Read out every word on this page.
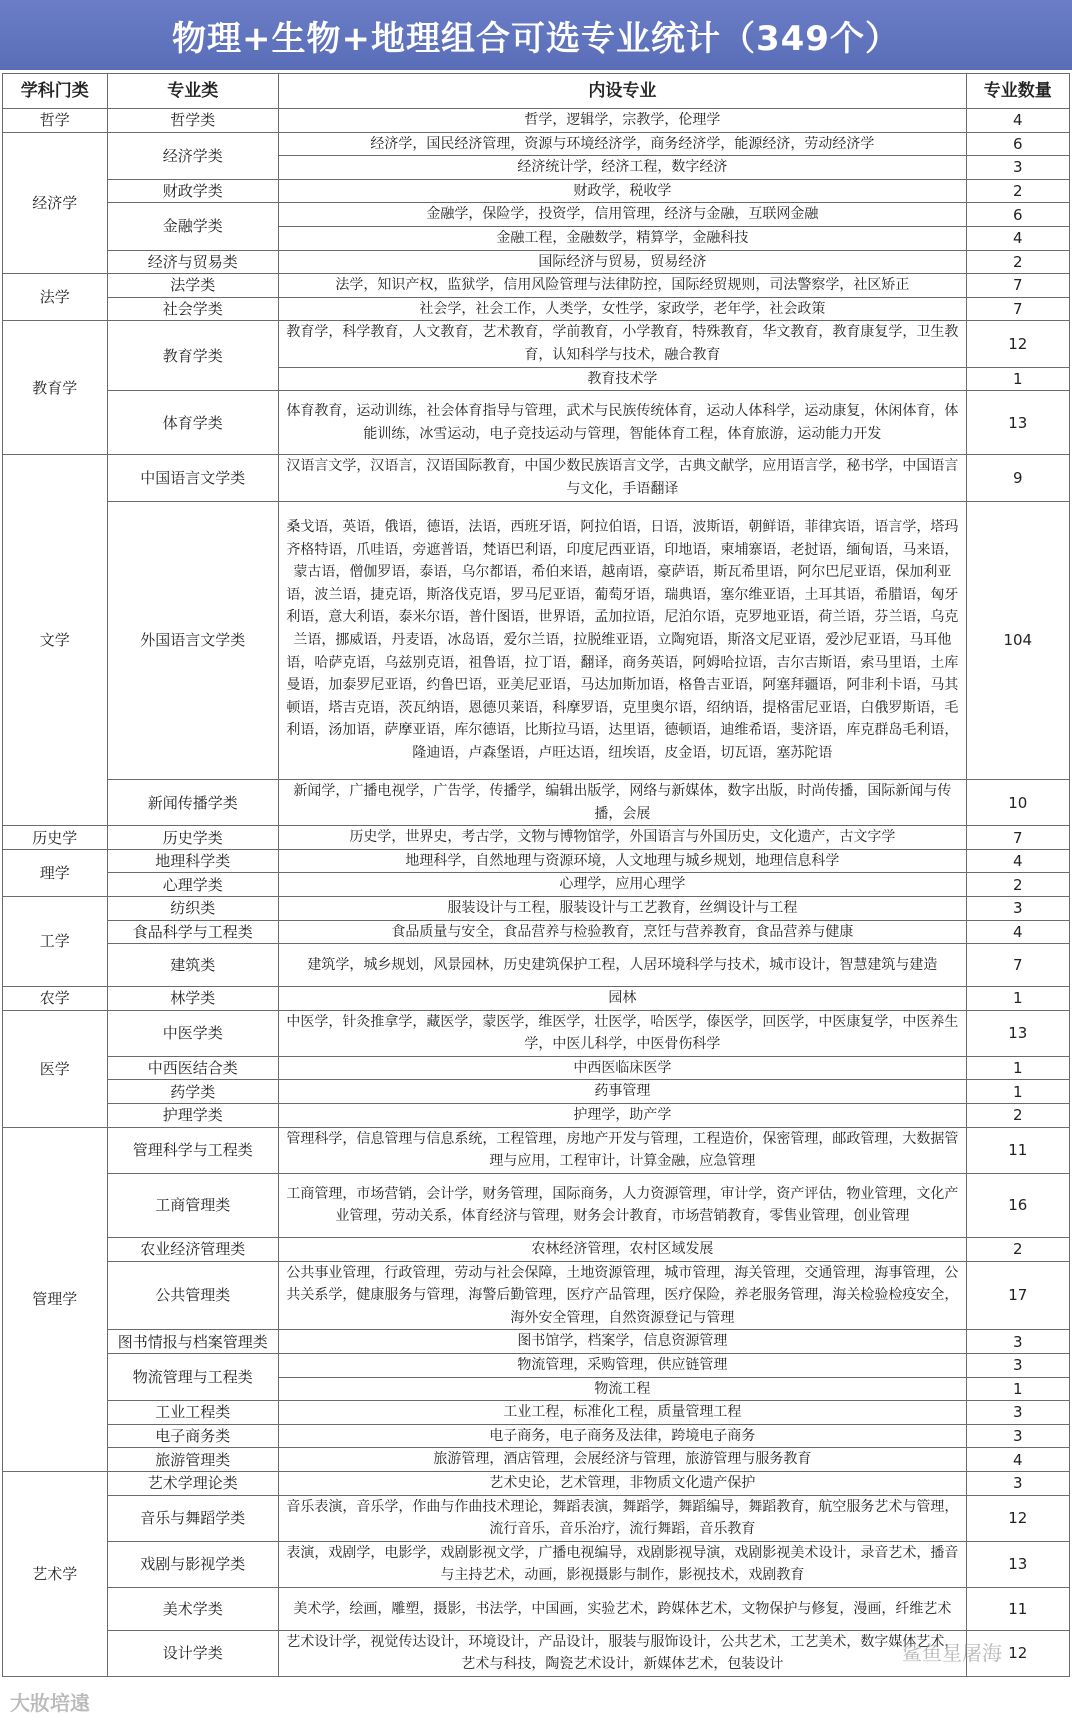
物理+生物+地理组合可选专业统计（349个）
学科门类	专业类	内设专业	专业数量
哲学	哲学类	哲学，逻辑学，宗教学，伦理学	4
经济学	经济学类	经济学，国民经济管理，资源与环境经济学，商务经济学，能源经济，劳动经济学	6
		经济统计学，经济工程，数字经济	3
	财政学类	财政学，税收学	2
	金融学类	金融学，保险学，投资学，信用管理，经济与金融，互联网金融	6
		金融工程，金融数学，精算学，金融科技	4
	经济与贸易类	国际经济与贸易，贸易经济	2
法学	法学类	法学，知识产权，监狱学，信用风险管理与法律防控，国际经贸规则，司法警察学，社区矫正	7
	社会学类	社会学，社会工作，人类学，女性学，家政学，老年学，社会政策	7
教育学	教育学类	教育学，科学教育，人文教育，艺术教育，学前教育，小学教育，特殊教育，华文教育，教育康复学，卫生教育，认知科学与技术，融合教育	12
		教育技术学	1
	体育学类	体育教育，运动训练，社会体育指导与管理，武术与民族传统体育，运动人体科学，运动康复，休闲体育，体能训练，冰雪运动，电子竞技运动与管理，智能体育工程，体育旅游，运动能力开发	13
文学	中国语言文学类	汉语言文学，汉语言，汉语国际教育，中国少数民族语言文学，古典文献学，应用语言学，秘书学，中国语言与文化，手语翻译	9
	外国语言文学类	桑戈语，英语，俄语，德语，法语，西班牙语，阿拉伯语，日语，波斯语，朝鲜语，菲律宾语，语言学，塔玛齐格特语，爪哇语，旁遮普语，梵语巴利语，印度尼西亚语，印地语，柬埔寨语，老挝语，缅甸语，马来语，蒙古语，僧伽罗语，泰语，乌尔都语，希伯来语，越南语，豪萨语，斯瓦希里语，阿尔巴尼亚语，保加利亚语，波兰语，捷克语，斯洛伐克语，罗马尼亚语，葡萄牙语，瑞典语，塞尔维亚语，土耳其语，希腊语，匈牙利语，意大利语，泰米尔语，普什图语，世界语，孟加拉语，尼泊尔语，克罗地亚语，荷兰语，芬兰语，乌克兰语，挪威语，丹麦语，冰岛语，爱尔兰语，拉脱维亚语，立陶宛语，斯洛文尼亚语，爱沙尼亚语，马耳他语，哈萨克语，乌兹别克语，祖鲁语，拉丁语，翻译，商务英语，阿姆哈拉语，吉尔吉斯语，索马里语，土库曼语，加泰罗尼亚语，约鲁巴语，亚美尼亚语，马达加斯加语，格鲁吉亚语，阿塞拜疆语，阿非利卡语，马其顿语，塔吉克语，茨瓦纳语，恩德贝莱语，科摩罗语，克里奥尔语，绍纳语，提格雷尼亚语，白俄罗斯语，毛利语，汤加语，萨摩亚语，库尔德语，比斯拉马语，达里语，德顿语，迪维希语，斐济语，库克群岛毛利语，隆迪语，卢森堡语，卢旺达语，纽埃语，皮金语，切瓦语，塞苏陀语	104
	新闻传播学类	新闻学，广播电视学，广告学，传播学，编辑出版学，网络与新媒体，数字出版，时尚传播，国际新闻与传播，会展	10
历史学	历史学类	历史学，世界史，考古学，文物与博物馆学，外国语言与外国历史，文化遗产，古文字学	7
理学	地理科学类	地理科学，自然地理与资源环境，人文地理与城乡规划，地理信息科学	4
	心理学类	心理学，应用心理学	2
工学	纺织类	服装设计与工程，服装设计与工艺教育，丝绸设计与工程	3
	食品科学与工程类	食品质量与安全，食品营养与检验教育，烹饪与营养教育，食品营养与健康	4
	建筑类	建筑学，城乡规划，风景园林，历史建筑保护工程，人居环境科学与技术，城市设计，智慧建筑与建造	7
农学	林学类	园林	1
医学	中医学类	中医学，针灸推拿学，藏医学，蒙医学，维医学，壮医学，哈医学，傣医学，回医学，中医康复学，中医养生学，中医儿科学，中医骨伤科学	13
	中西医结合类	中西医临床医学	1
	药学类	药事管理	1
	护理学类	护理学，助产学	2
管理学	管理科学与工程类	管理科学，信息管理与信息系统，工程管理，房地产开发与管理，工程造价，保密管理，邮政管理，大数据管理与应用，工程审计，计算金融，应急管理	11
	工商管理类	工商管理，市场营销，会计学，财务管理，国际商务，人力资源管理，审计学，资产评估，物业管理，文化产业管理，劳动关系，体育经济与管理，财务会计教育，市场营销教育，零售业管理，创业管理	16
	农业经济管理类	农林经济管理，农村区域发展	2
	公共管理类	公共事业管理，行政管理，劳动与社会保障，土地资源管理，城市管理，海关管理，交通管理，海事管理，公共关系学，健康服务与管理，海警后勤管理，医疗产品管理，医疗保险，养老服务管理，海关检验检疫安全，海外安全管理，自然资源登记与管理	17
	图书情报与档案管理类	图书馆学，档案学，信息资源管理	3
	物流管理与工程类	物流管理，采购管理，供应链管理	3
		物流工程	1
	工业工程类	工业工程，标准化工程，质量管理工程	3
	电子商务类	电子商务，电子商务及法律，跨境电子商务	3
	旅游管理类	旅游管理，酒店管理，会展经济与管理，旅游管理与服务教育	4
艺术学	艺术学理论类	艺术史论，艺术管理，非物质文化遗产保护	3
	音乐与舞蹈学类	音乐表演，音乐学，作曲与作曲技术理论，舞蹈表演，舞蹈学，舞蹈编导，舞蹈教育，航空服务艺术与管理，流行音乐，音乐治疗，流行舞蹈，音乐教育	12
	戏剧与影视学类	表演，戏剧学，电影学，戏剧影视文学，广播电视编导，戏剧影视导演，戏剧影视美术设计，录音艺术，播音与主持艺术，动画，影视摄影与制作，影视技术，戏剧教育	13
	美术学类	美术学，绘画，雕塑，摄影，书法学，中国画，实验艺术，跨媒体艺术，文物保护与修复，漫画，纤维艺术	11
	设计学类	艺术设计学，视觉传达设计，环境设计，产品设计，服装与服饰设计，公共艺术，工艺美术，数字媒体艺术，艺术与科技，陶瓷艺术设计，新媒体艺术，包装设计	12
大妝培遠
鲨鱼星屠海
